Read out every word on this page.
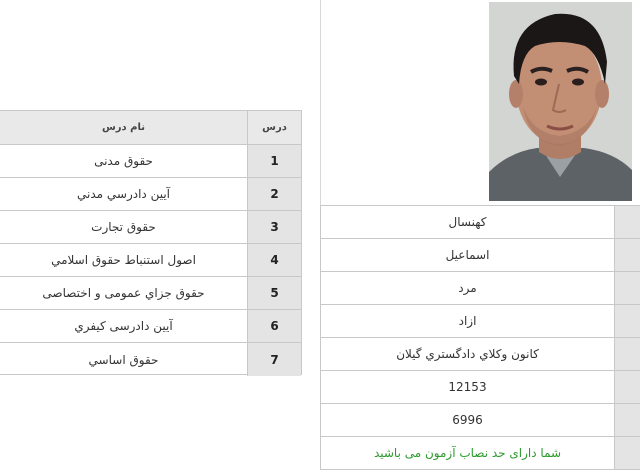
نام درس	درس
حقوق مدنی	1
آيين دادرسي مدني	2
حقوق تجارت	3
اصول استنباط حقوق اسلامي	4
حقوق جزاي عمومی و اختصاصی	5
آيين دادرسی کيفري	6
حقوق اساسي	7
کهنسال
اسماعيل
مرد
ازاد
کانون وکلاي دادگستري گيلان
12153
6996
شما دارای حد نصاب آزمون می باشید
